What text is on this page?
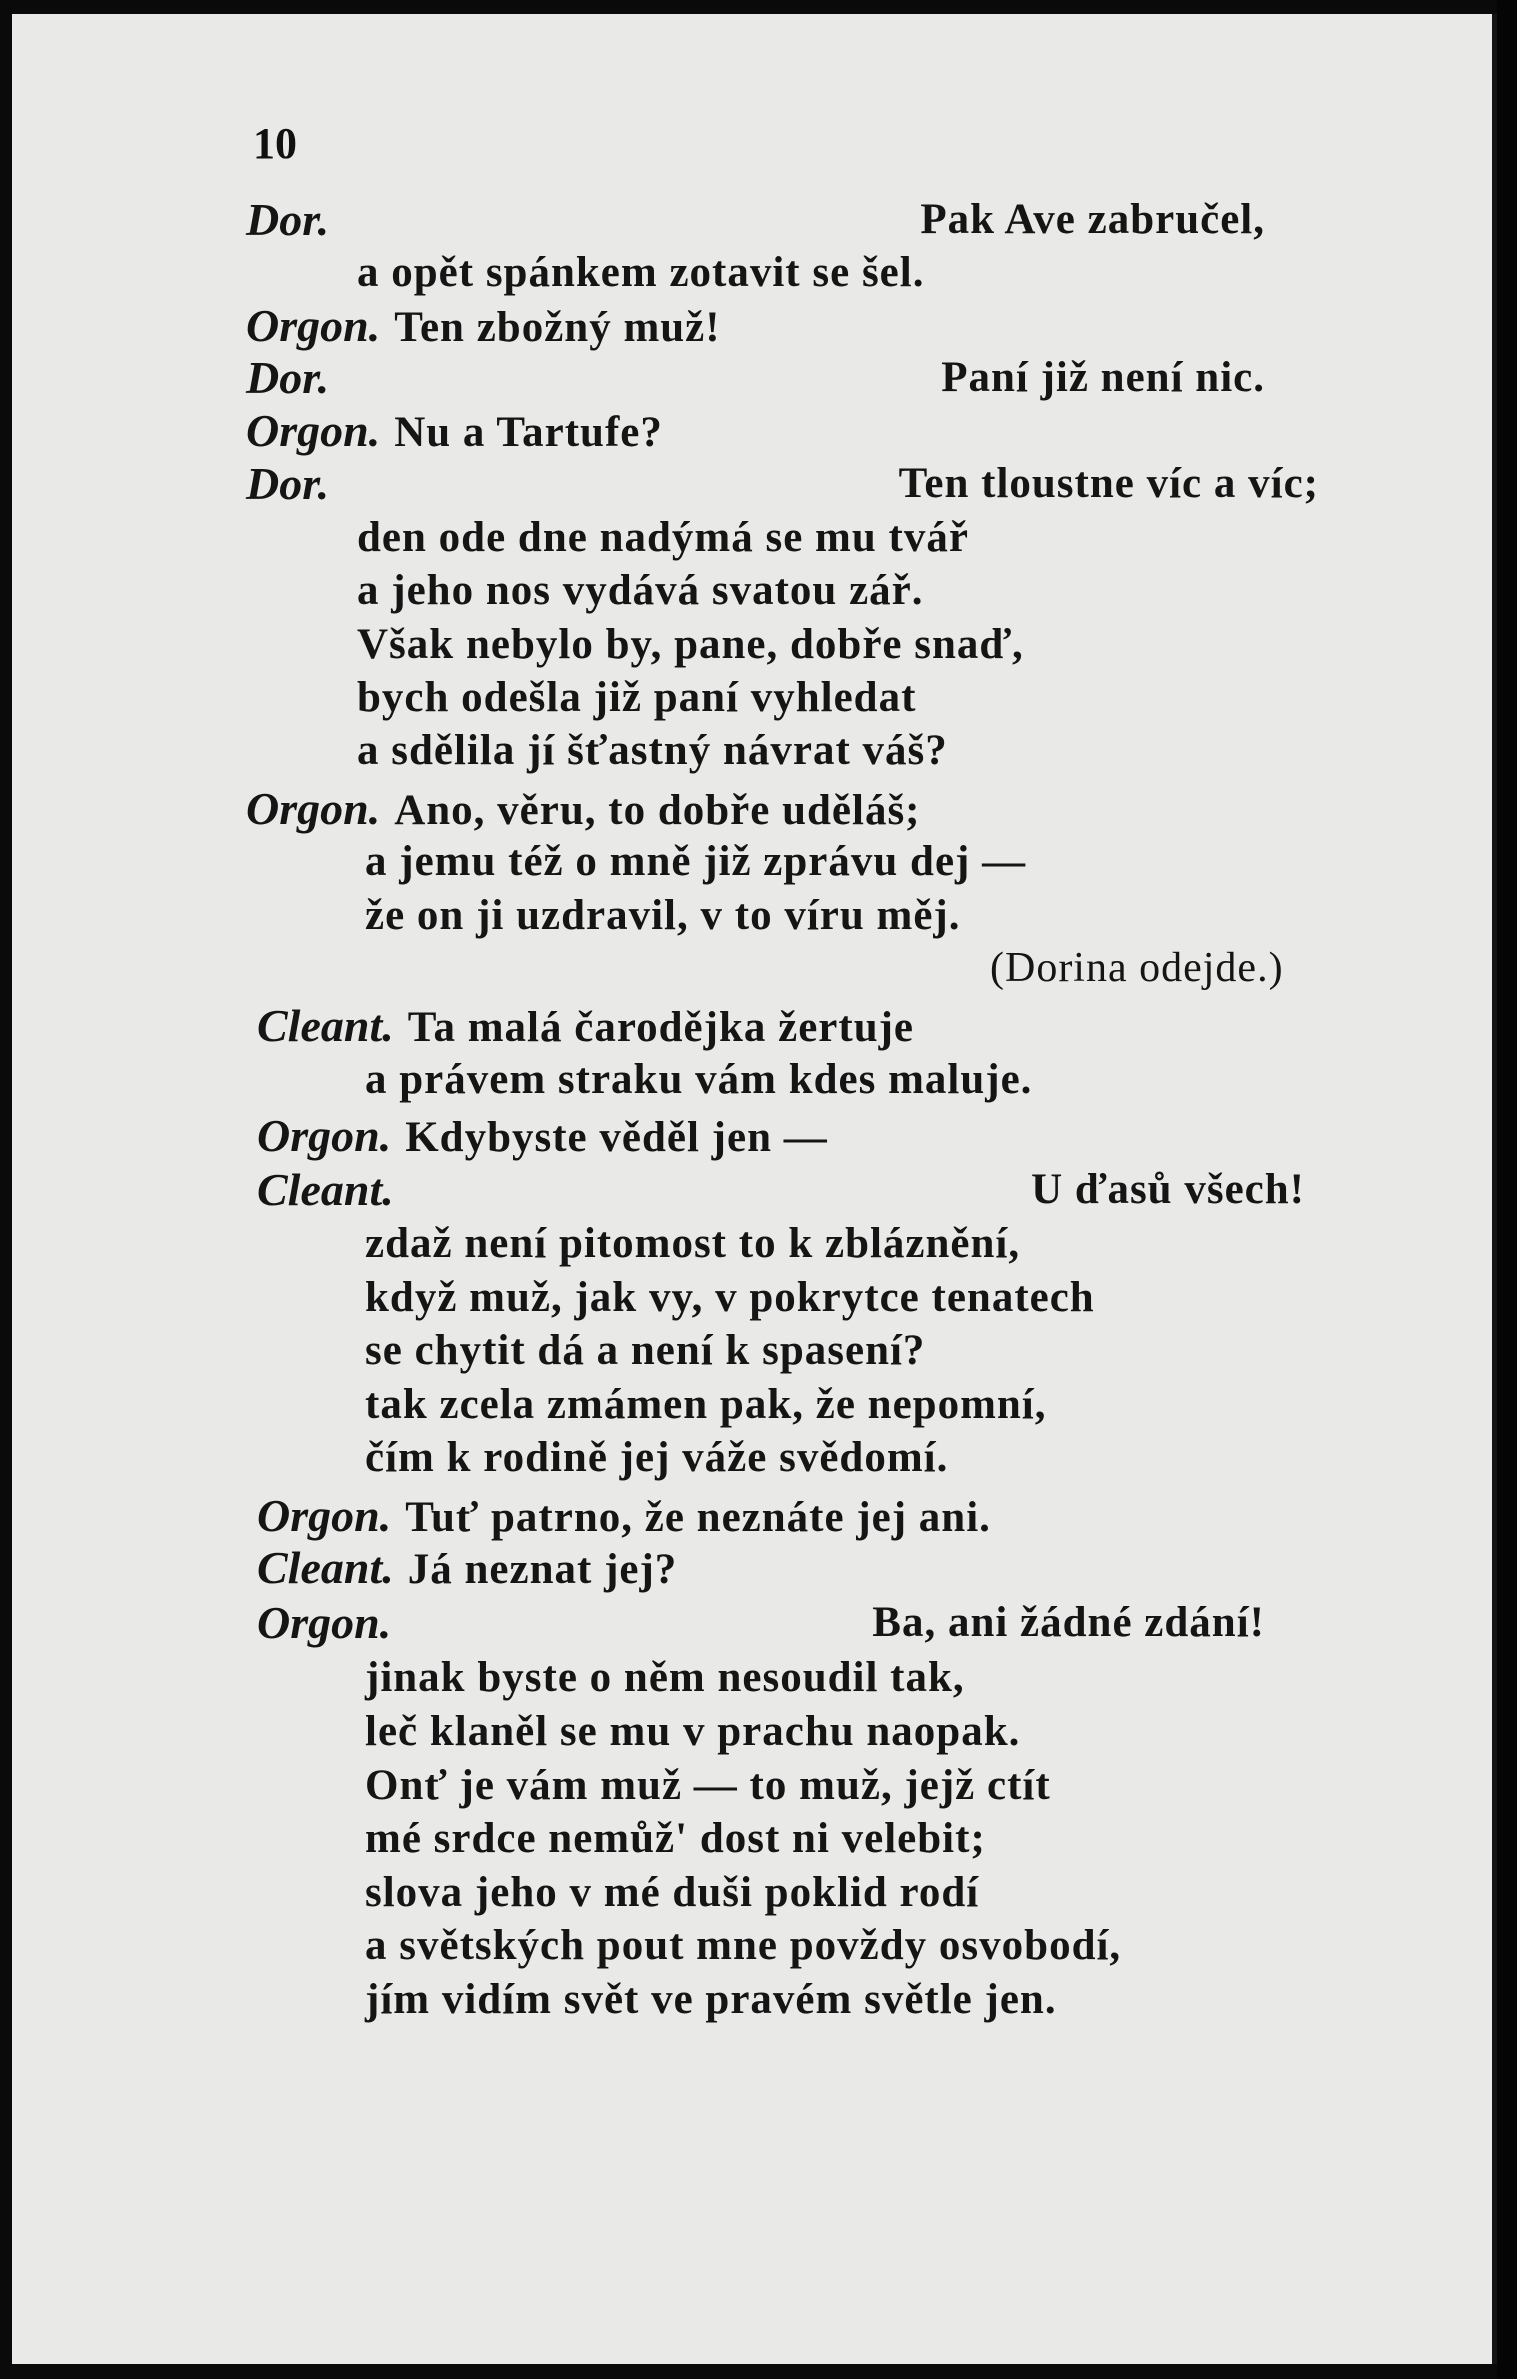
10
Dor.	Pak Ave zabručel,
a opět spánkem zotavit se šel.
Orgon. Ten zbožný muž!
Dor.	Paní již není nic.
Orgon. Nu a Tartufe?
Dor.	Ten tloustne víc a víc;
den ode dne nadýmá se mu tvář
a jeho nos vydává svatou zář.
Však nebylo by, pane, dobře snaď,
bych odešla již paní vyhledat
a sdělila jí šťastný návrat váš?
Orgon. Ano, věru, to dobře uděláš;
a jemu též o mně již zprávu dej —
že on ji uzdravil, v to víru měj.
(Dorina odejde.)
Cleant. Ta malá čarodějka žertuje
a právem straku vám kdes maluje.
Orgon. Kdybyste věděl jen —
Cleant.	U ďasů všech!
zdaž není pitomost to k zbláznění,
když muž, jak vy, v pokrytce tenatech
se chytit dá a není k spasení?
tak zcela zmámen pak, že nepomní,
čím k rodině jej váže svědomí.
Orgon. Tuť patrno, že neznáte jej ani.
Cleant. Já neznat jej?
Orgon.	Ba, ani žádné zdání!
jinak byste o něm nesoudil tak,
leč klaněl se mu v prachu naopak.
Onť je vám muž — to muž, jejž ctít
mé srdce nemůž' dost ni velebit;
slova jeho v mé duši poklid rodí
a světských pout mne povždy osvobodí,
jím vidím svět ve pravém světle jen.
